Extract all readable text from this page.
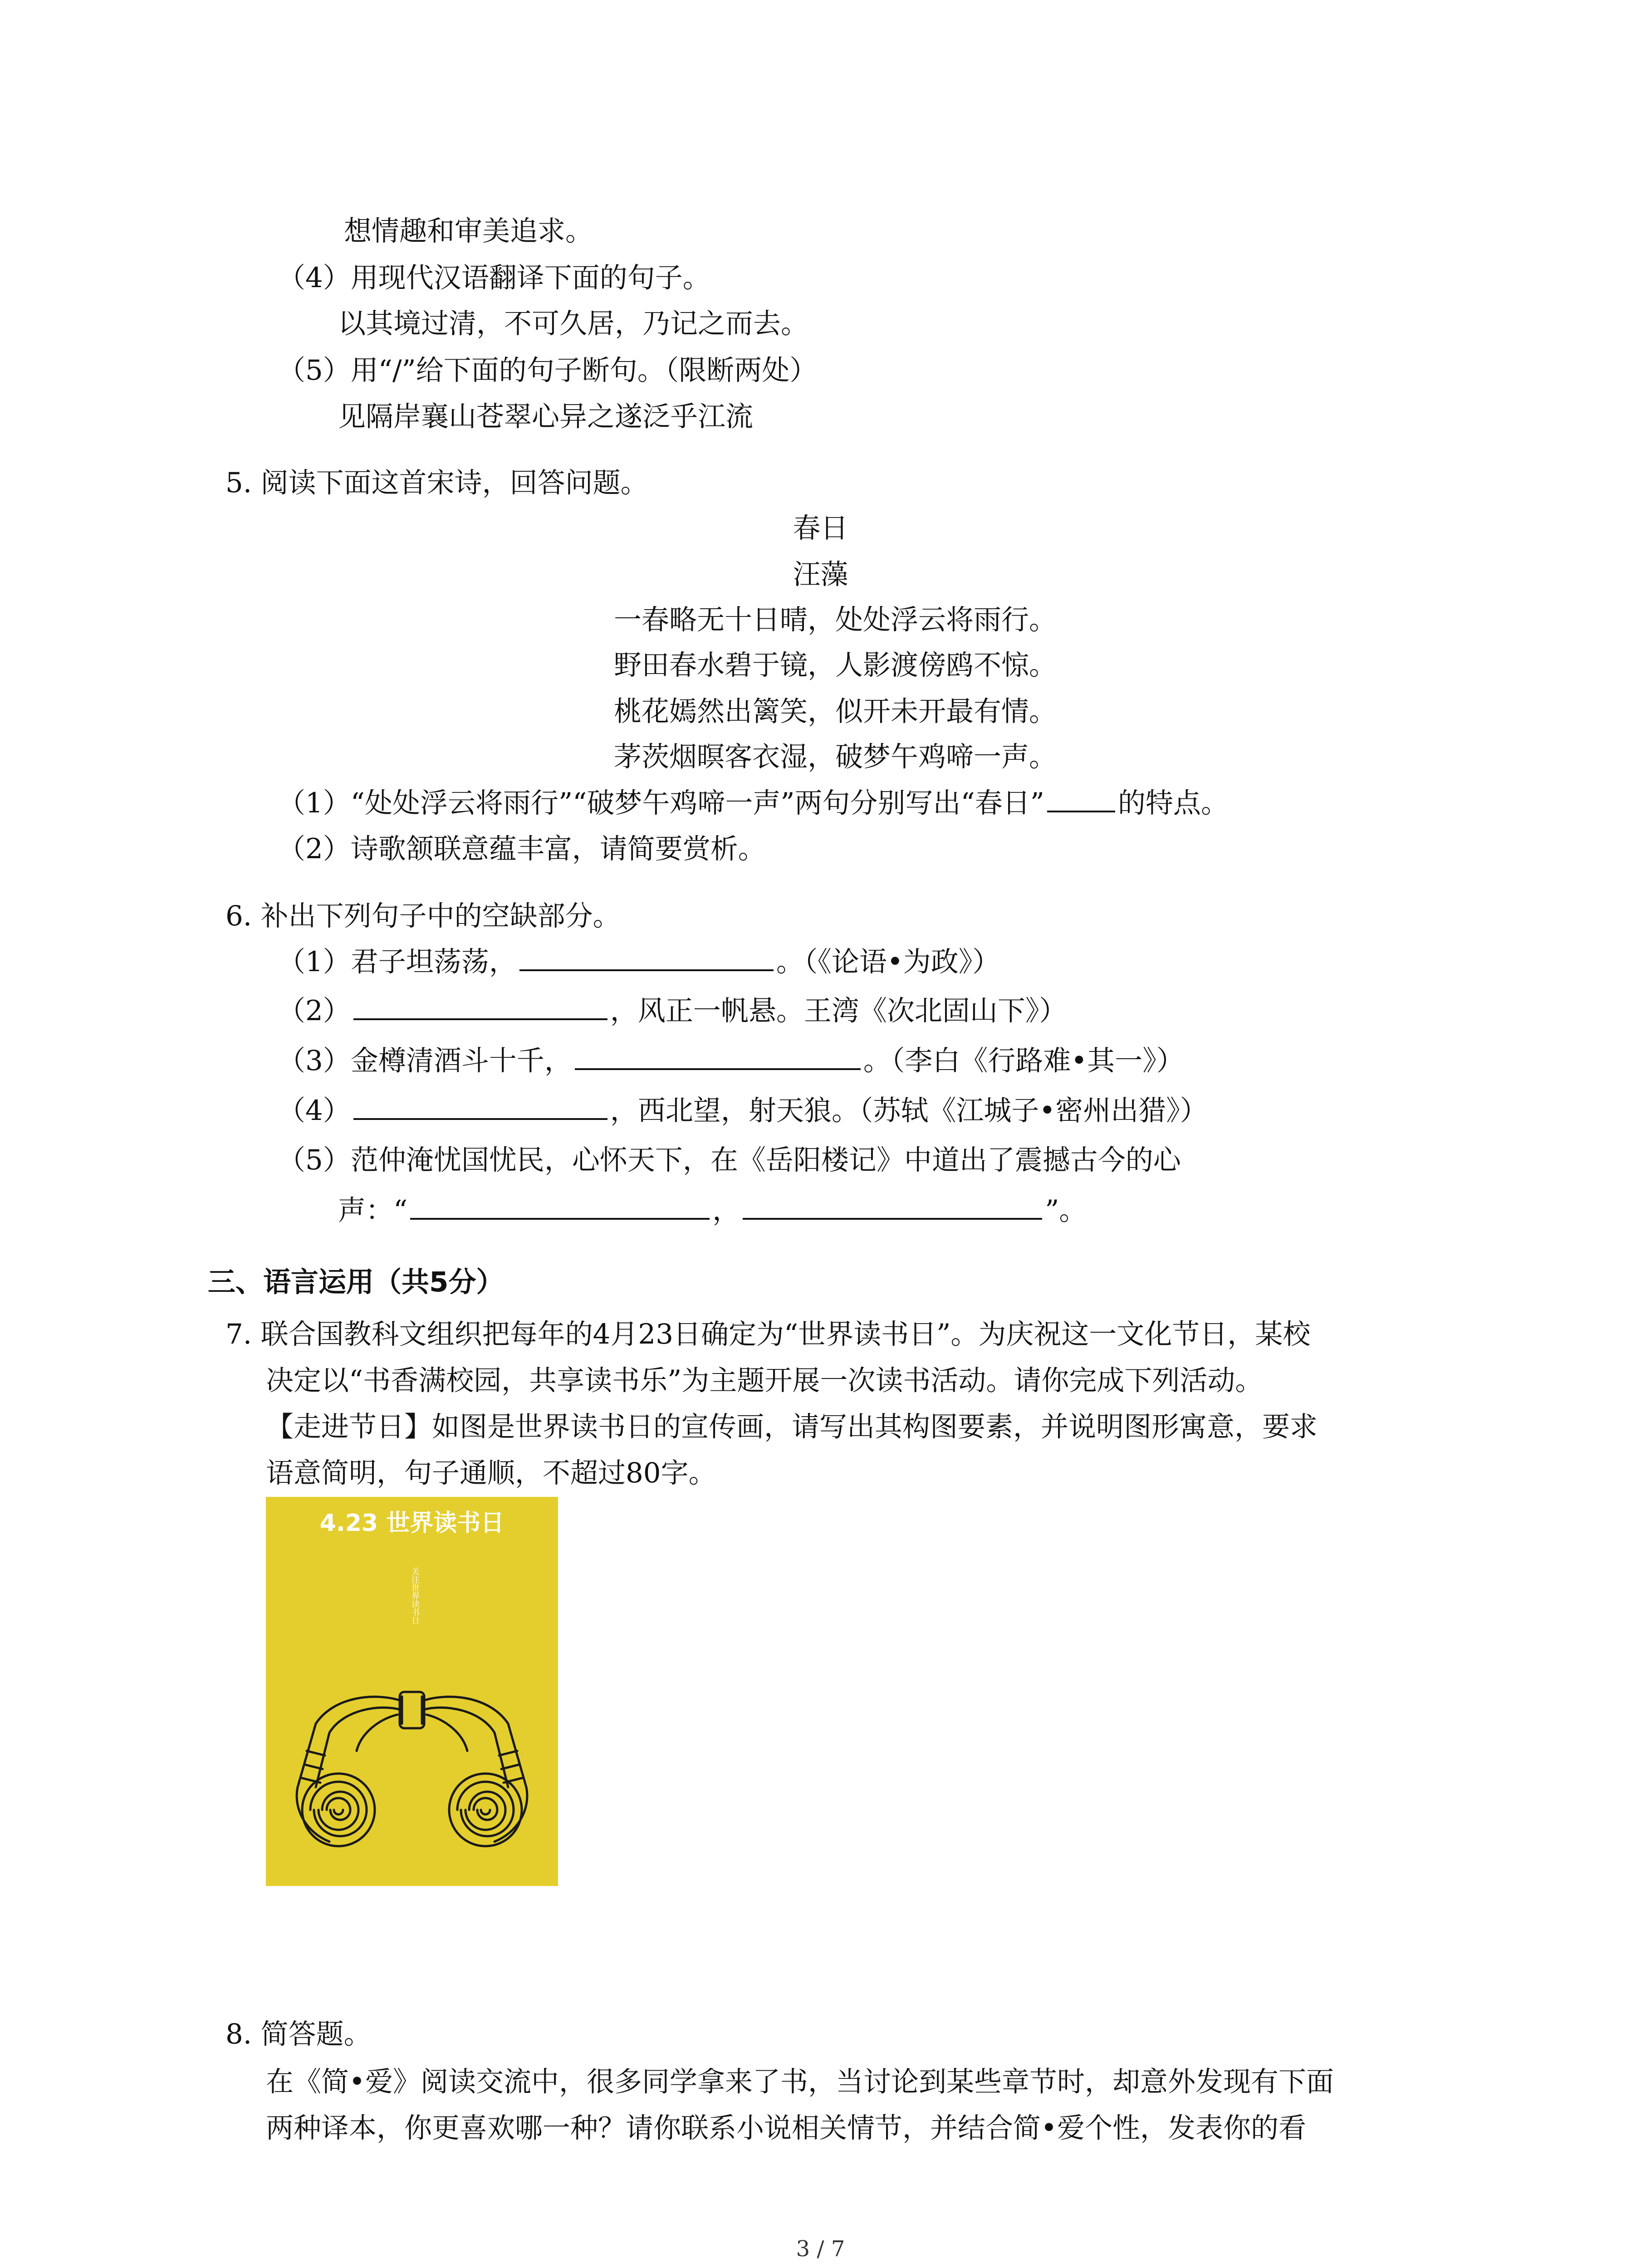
想情趣和审美追求。
（4）用现代汉语翻译下面的句子。
以其境过清，不可久居，乃记之而去。
（5）用“/”给下面的句子断句。（限断两处）
见隔岸襄山苍翠心异之遂泛乎江流
5. 阅读下面这首宋诗，回答问题。
春日
汪藻
一春略无十日晴，处处浮云将雨行。
野田春水碧于镜，人影渡傍鸥不惊。
桃花嫣然出篱笑，似开未开最有情。
茅茨烟暝客衣湿，破梦午鸡啼一声。
（1）“处处浮云将雨行”“破梦午鸡啼一声”两句分别写出“春日”	的特点。
（2）诗歌颔联意蕴丰富，请简要赏析。
6. 补出下列句子中的空缺部分。
（1）君子坦荡荡，	。（《论语•为政》）
（2）	，风正一帆悬。王湾《次北固山下》）
（3）金樽清酒斗十千，	。（李白《行路难•其一》）
（4）	，西北望，射天狼。（苏轼《江城子•密州出猎》）
（5）范仲淹忧国忧民，心怀天下，在《岳阳楼记》中道出了震撼古今的心
声：“	，	”。
三、语言运用（共5分）
7. 联合国教科文组织把每年的4月23日确定为“世界读书日”。为庆祝这一文化节日，某校
决定以“书香满校园，共享读书乐”为主题开展一次读书活动。请你完成下列活动。
【走进节日】如图是世界读书日的宣传画，请写出其构图要素，并说明图形寓意，要求
语意简明，句子通顺，不超过80字。
4.23 世界读书日
关注世界读书日
8. 简答题。
在《简•爱》阅读交流中，很多同学拿来了书，当讨论到某些章节时，却意外发现有下面
两种译本，你更喜欢哪一种？请你联系小说相关情节，并结合简•爱个性，发表你的看
3 / 7
